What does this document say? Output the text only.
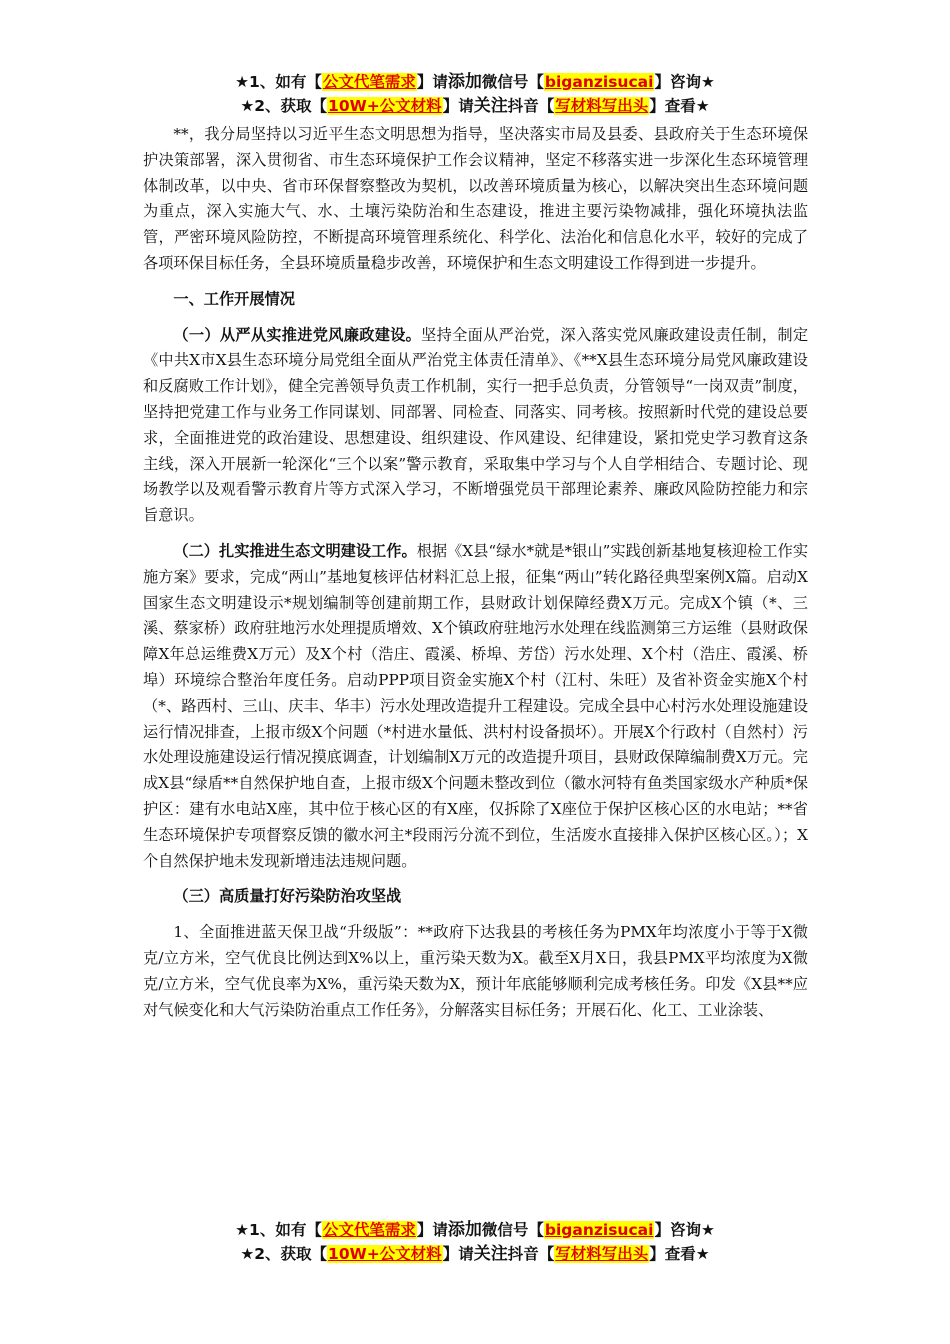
★1、如有【公文代笔需求】请添加微信号【biganzisucai】咨询★
★2、获取【10W+公文材料】请关注抖音【写材料写出头】查看★

**，我分局坚持以习近平生态文明思想为指导，坚决落实市局及县委、县政府关于生态环境保护决策部署，深入贯彻省、市生态环境保护工作会议精神，坚定不移落实进一步深化生态环境管理体制改革，以中央、省市环保督察整改为契机，以改善环境质量为核心，以解决突出生态环境问题为重点，深入实施大气、水、土壤污染防治和生态建设，推进主要污染物减排，强化环境执法监管，严密环境风险防控，不断提高环境管理系统化、科学化、法治化和信息化水平，较好的完成了各项环保目标任务，全县环境质量稳步改善，环境保护和生态文明建设工作得到进一步提升。

一、工作开展情况

（一）从严从实推进党风廉政建设。坚持全面从严治党，深入落实党风廉政建设责任制，制定《中共X市X县生态环境分局党组全面从严治党主体责任清单》、《**X县生态环境分局党风廉政建设和反腐败工作计划》，健全完善领导负责工作机制，实行一把手总负责，分管领导“一岗双责”制度，坚持把党建工作与业务工作同谋划、同部署、同检查、同落实、同考核。按照新时代党的建设总要求，全面推进党的政治建设、思想建设、组织建设、作风建设、纪律建设，紧扣党史学习教育这条主线，深入开展新一轮深化“三个以案”警示教育，采取集中学习与个人自学相结合、专题讨论、现场教学以及观看警示教育片等方式深入学习，不断增强党员干部理论素养、廉政风险防控能力和宗旨意识。

（二）扎实推进生态文明建设工作。根据《X县“绿水*就是*银山”实践创新基地复核迎检工作实施方案》要求，完成“两山”基地复核评估材料汇总上报，征集“两山”转化路径典型案例X篇。启动X国家生态文明建设示*规划编制等创建前期工作，县财政计划保障经费X万元。完成X个镇（*、三溪、蔡家桥）政府驻地污水处理提质增效、X个镇政府驻地污水处理在线监测第三方运维（县财政保障X年总运维费X万元）及X个村（浩庄、霞溪、桥埠、芳岱）污水处理、X个村（浩庄、霞溪、桥埠）环境综合整治年度任务。启动PPP项目资金实施X个村（江村、朱旺）及省补资金实施X个村（*、路西村、三山、庆丰、华丰）污水处理改造提升工程建设。完成全县中心村污水处理设施建设运行情况排查，上报市级X个问题（*村进水量低、洪村村设备损坏）。开展X个行政村（自然村）污水处理设施建设运行情况摸底调查，计划编制X万元的改造提升项目，县财政保障编制费X万元。完成X县“绿盾**自然保护地自查，上报市级X个问题未整改到位（徽水河特有鱼类国家级水产种质*保护区：建有水电站X座，其中位于核心区的有X座，仅拆除了X座位于保护区核心区的水电站；**省生态环境保护专项督察反馈的徽水河主*段雨污分流不到位，生活废水直接排入保护区核心区。）；X个自然保护地未发现新增违法违规问题。

（三）高质量打好污染防治攻坚战

1、全面推进蓝天保卫战“升级版”：**政府下达我县的考核任务为PMX年均浓度小于等于X微克/立方米，空气优良比例达到X%以上，重污染天数为X。截至X月X日，我县PMX平均浓度为X微克/立方米，空气优良率为X%，重污染天数为X，预计年底能够顺利完成考核任务。印发《X县**应对气候变化和大气污染防治重点工作任务》，分解落实目标任务；开展石化、化工、工业涂装、

★1、如有【公文代笔需求】请添加微信号【biganzisucai】咨询★
★2、获取【10W+公文材料】请关注抖音【写材料写出头】查看★
